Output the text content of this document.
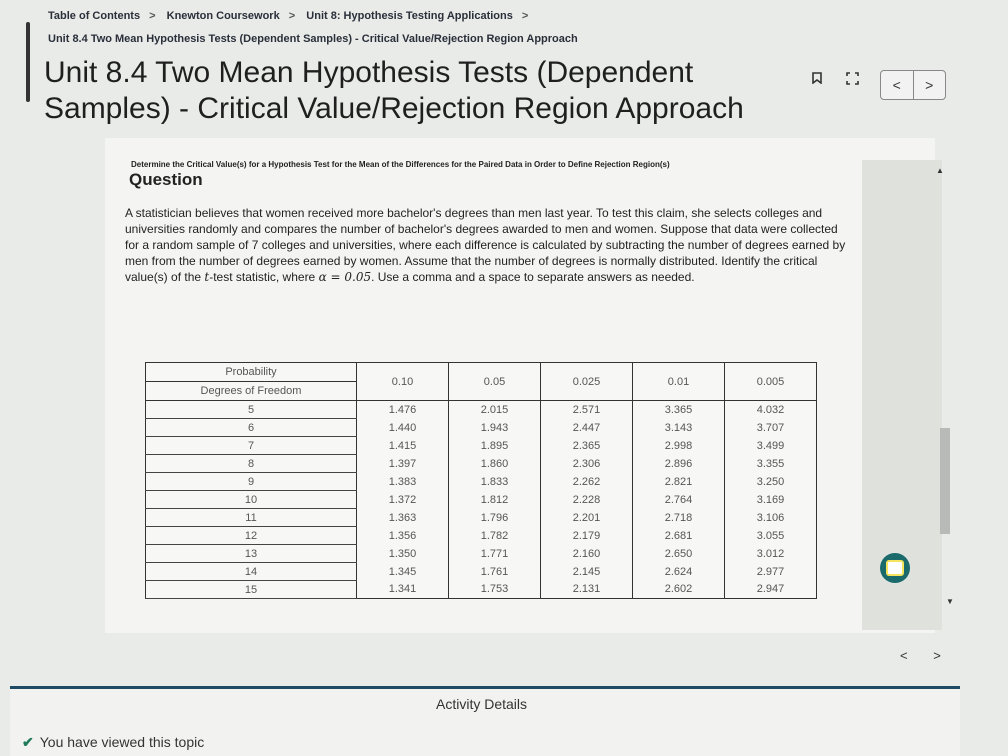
Table of Contents > Knewton Coursework > Unit 8: Hypothesis Testing Applications >
Unit 8.4 Two Mean Hypothesis Tests (Dependent Samples) - Critical Value/Rejection Region Approach
Unit 8.4 Two Mean Hypothesis Tests (Dependent Samples) - Critical Value/Rejection Region Approach
<	>
▲
▼
Determine the Critical Value(s) for a Hypothesis Test for the Mean of the Differences for the Paired Data in Order to Define Rejection Region(s)
Question
A statistician believes that women received more bachelor's degrees than men last year. To test this claim, she selects colleges and universities randomly and compares the number of bachelor's degrees awarded to men and women. Suppose that data were collected for a random sample of 7 colleges and universities, where each difference is calculated by subtracting the number of degrees earned by men from the number of degrees earned by women. Assume that the number of degrees is normally distributed. Identify the critical value(s) of the t-test statistic, where α = 0.05. Use a comma and a space to separate answers as needed.
Probability	0.10	0.05	0.025	0.01	0.005
Degrees of Freedom					
5	1.476	2.015	2.571	3.365	4.032
6	1.440	1.943	2.447	3.143	3.707
7	1.415	1.895	2.365	2.998	3.499
8	1.397	1.860	2.306	2.896	3.355
9	1.383	1.833	2.262	2.821	3.250
10	1.372	1.812	2.228	2.764	3.169
11	1.363	1.796	2.201	2.718	3.106
12	1.356	1.782	2.179	2.681	3.055
13	1.350	1.771	2.160	2.650	3.012
14	1.345	1.761	2.145	2.624	2.977
15	1.341	1.753	2.131	2.602	2.947
< >
Activity Details
✔ You have viewed this topic
